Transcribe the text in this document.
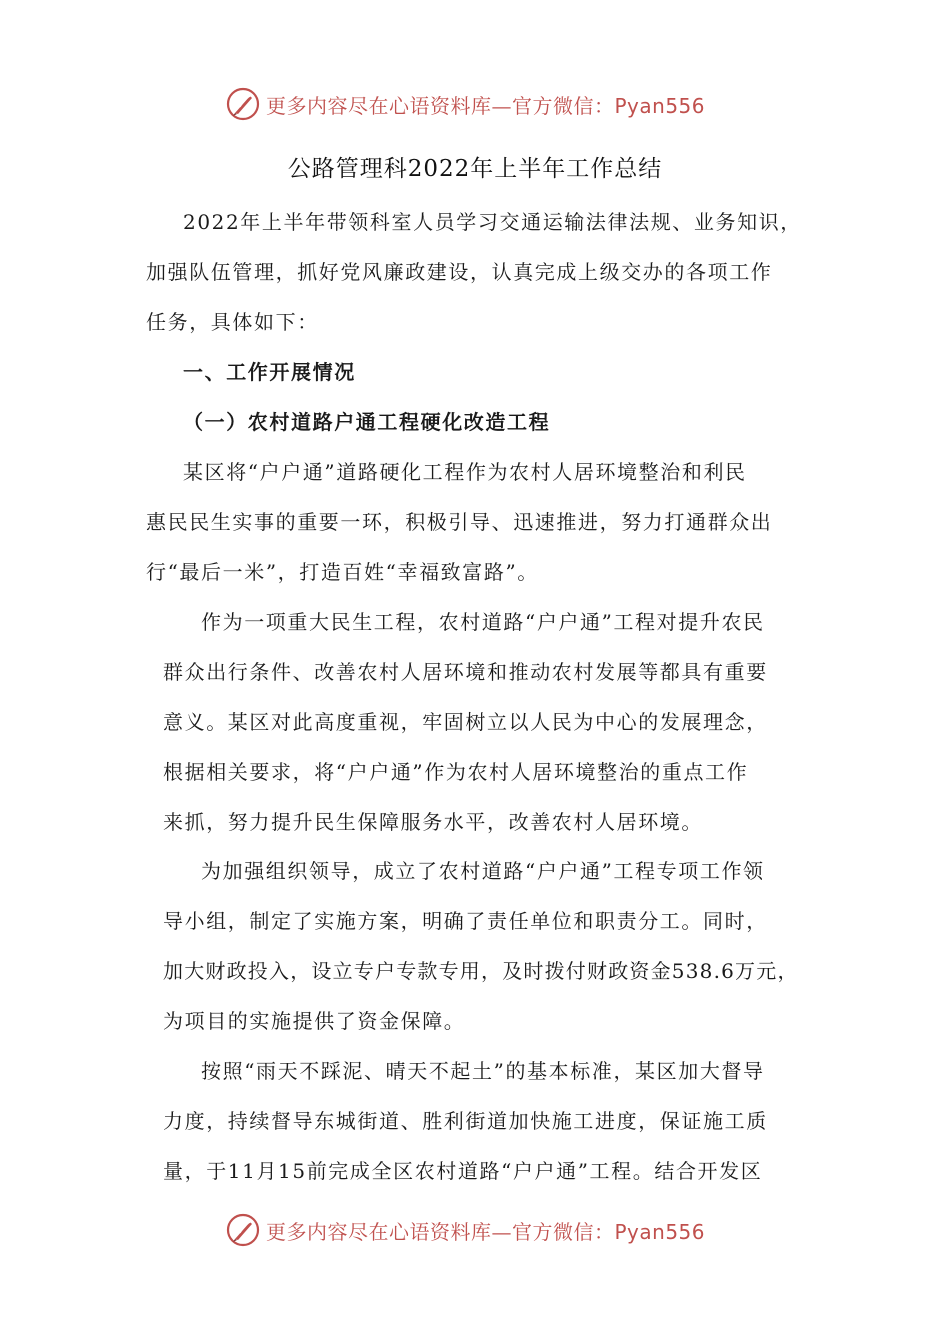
更多内容尽在心语资料库—官方微信：Pyan556
公路管理科2022年上半年工作总结
2022年上半年带领科室人员学习交通运输法律法规、业务知识，
加强队伍管理，抓好党风廉政建设，认真完成上级交办的各项工作
任务，具体如下：
一、工作开展情况
（一）农村道路户通工程硬化改造工程
某区将“户户通”道路硬化工程作为农村人居环境整治和利民
惠民民生实事的重要一环，积极引导、迅速推进，努力打通群众出
行“最后一米”，打造百姓“幸福致富路”。
作为一项重大民生工程，农村道路“户户通”工程对提升农民
群众出行条件、改善农村人居环境和推动农村发展等都具有重要
意义。某区对此高度重视，牢固树立以人民为中心的发展理念，
根据相关要求，将“户户通”作为农村人居环境整治的重点工作
来抓，努力提升民生保障服务水平，改善农村人居环境。
为加强组织领导，成立了农村道路“户户通”工程专项工作领
导小组，制定了实施方案，明确了责任单位和职责分工。同时，
加大财政投入，设立专户专款专用，及时拨付财政资金538.6万元，
为项目的实施提供了资金保障。
按照“雨天不踩泥、晴天不起土”的基本标准，某区加大督导
力度，持续督导东城街道、胜利街道加快施工进度，保证施工质
量，于11月15前完成全区农村道路“户户通”工程。结合开发区
更多内容尽在心语资料库—官方微信：Pyan556
